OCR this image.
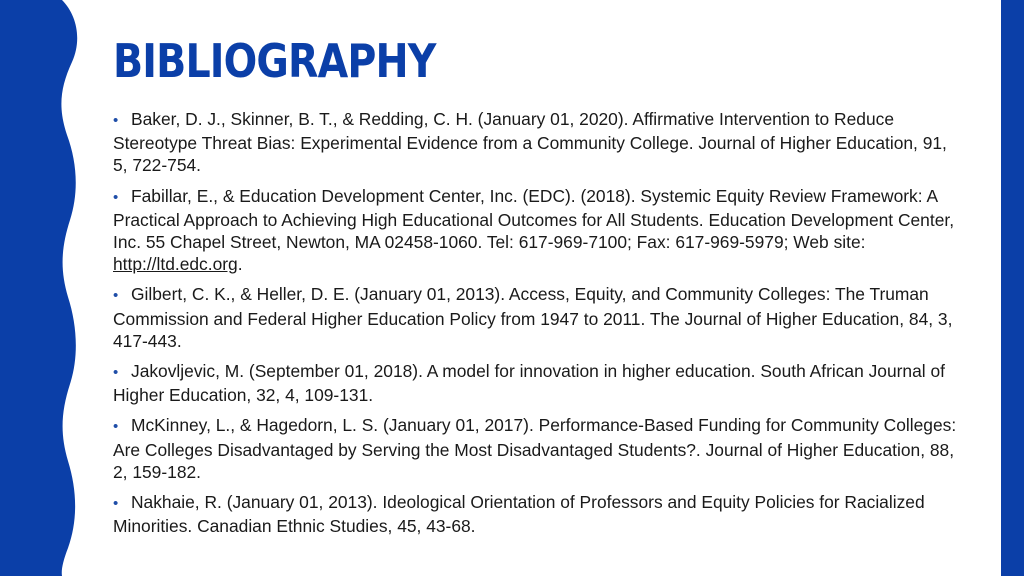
BIBLIOGRAPHY
• Baker, D. J., Skinner, B. T., & Redding, C. H. (January 01, 2020). Affirmative Intervention to Reduce Stereotype Threat Bias: Experimental Evidence from a Community College. Journal of Higher Education, 91, 5, 722-754.
• Fabillar, E., & Education Development Center, Inc. (EDC). (2018). Systemic Equity Review Framework: A Practical Approach to Achieving High Educational Outcomes for All Students. Education Development Center, Inc. 55 Chapel Street, Newton, MA 02458-1060. Tel: 617-969-7100; Fax: 617-969-5979; Web site: http://ltd.edc.org.
• Gilbert, C. K., & Heller, D. E. (January 01, 2013). Access, Equity, and Community Colleges: The Truman Commission and Federal Higher Education Policy from 1947 to 2011. The Journal of Higher Education, 84, 3, 417-443.
• Jakovljevic, M. (September 01, 2018). A model for innovation in higher education. South African Journal of Higher Education, 32, 4, 109-131.
• McKinney, L., & Hagedorn, L. S. (January 01, 2017). Performance-Based Funding for Community Colleges: Are Colleges Disadvantaged by Serving the Most Disadvantaged Students?. Journal of Higher Education, 88, 2, 159-182.
• Nakhaie, R. (January 01, 2013). Ideological Orientation of Professors and Equity Policies for Racialized Minorities. Canadian Ethnic Studies, 45, 43-68.
